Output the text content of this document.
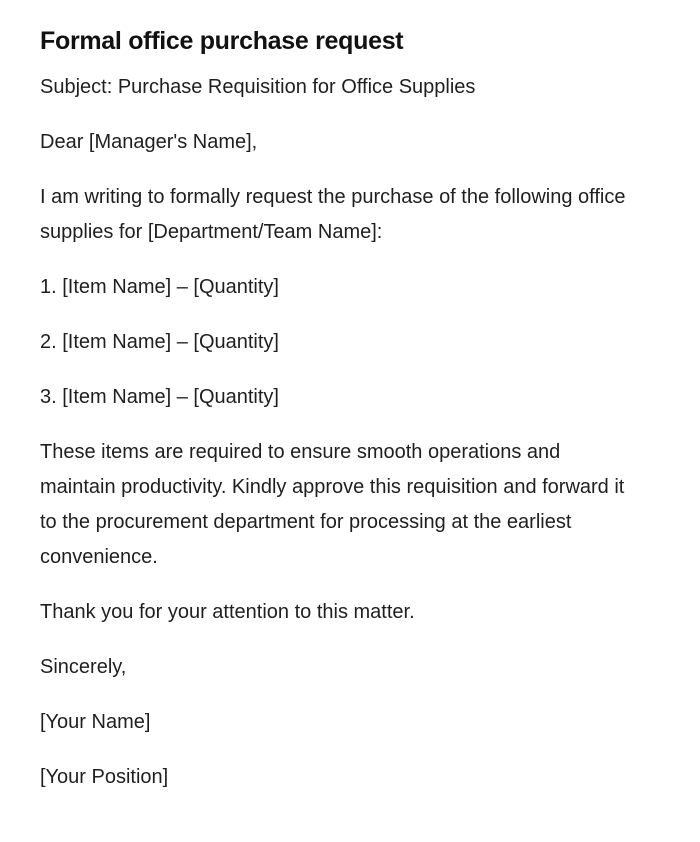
Formal office purchase request

Subject: Purchase Requisition for Office Supplies

Dear [Manager's Name],

I am writing to formally request the purchase of the following office supplies for [Department/Team Name]:

1. [Item Name] – [Quantity]

2. [Item Name] – [Quantity]

3. [Item Name] – [Quantity]

These items are required to ensure smooth operations and maintain productivity. Kindly approve this requisition and forward it to the procurement department for processing at the earliest convenience.

Thank you for your attention to this matter.

Sincerely,

[Your Name]

[Your Position]
